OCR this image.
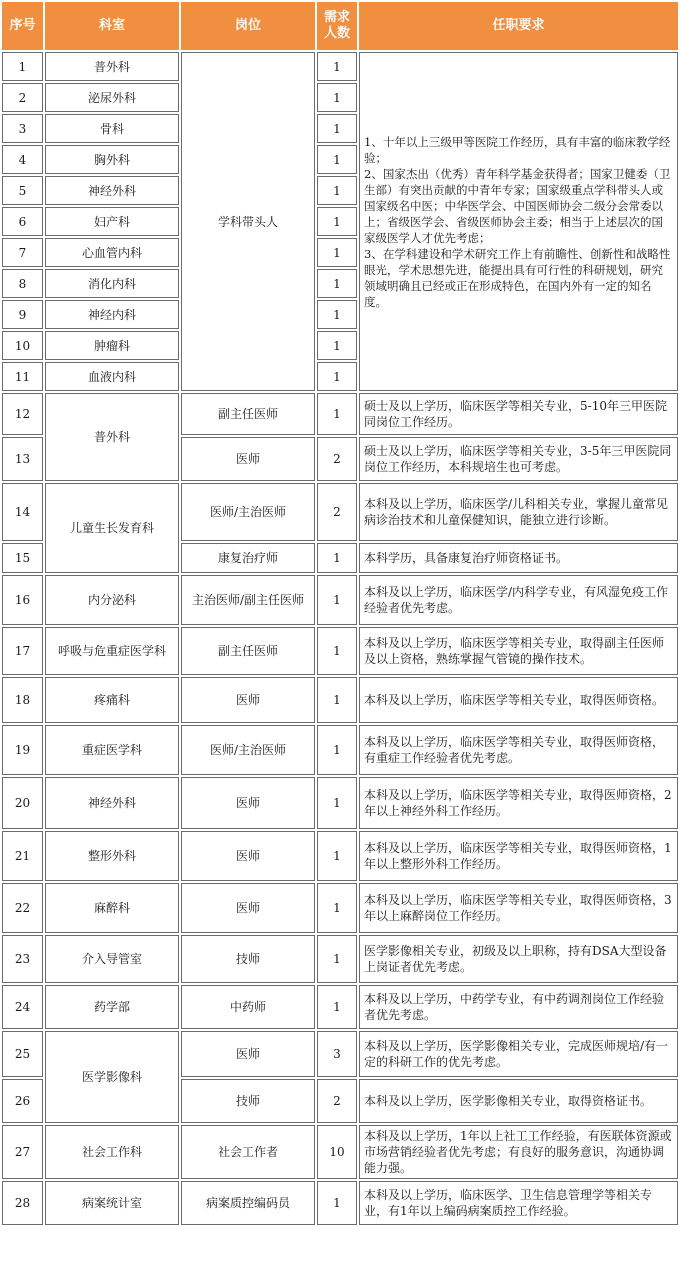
序号	科室	岗位	需求人数	任职要求
1	普外科	学科带头人	1	1、十年以上三级甲等医院工作经历，具有丰富的临床教学经验；
2、国家杰出（优秀）青年科学基金获得者；国家卫健委（卫生部）有突出贡献的中青年专家；国家级重点学科带头人或国家级名中医；中华医学会、中国医师协会二级分会常委以上；省级医学会、省级医师协会主委；相当于上述层次的国家级医学人才优先考虑；
3、在学科建设和学术研究工作上有前瞻性、创新性和战略性眼光，学术思想先进，能提出具有可行性的科研规划，研究领域明确且已经或正在形成特色，在国内外有一定的知名度。
2	泌尿外科		1	
3	骨科		1	
4	胸外科		1	
5	神经外科		1	
6	妇产科		1	
7	心血管内科		1	
8	消化内科		1	
9	神经内科		1	
10	肿瘤科		1	
11	血液内科		1	
12	普外科	副主任医师	1	硕士及以上学历，临床医学等相关专业，5-10年三甲医院同岗位工作经历。
13		医师	2	硕士及以上学历，临床医学等相关专业，3-5年三甲医院同岗位工作经历，本科规培生也可考虑。
14	儿童生长发育科	医师/主治医师	2	本科及以上学历，临床医学/儿科相关专业，掌握儿童常见病诊治技术和儿童保健知识，能独立进行诊断。
15		康复治疗师	1	本科学历，具备康复治疗师资格证书。
16	内分泌科	主治医师/副主任医师	1	本科及以上学历，临床医学/内科学专业，有风湿免疫工作经验者优先考虑。
17	呼吸与危重症医学科	副主任医师	1	本科及以上学历，临床医学等相关专业，取得副主任医师及以上资格，熟练掌握气管镜的操作技术。
18	疼痛科	医师	1	本科及以上学历，临床医学等相关专业，取得医师资格。
19	重症医学科	医师/主治医师	1	本科及以上学历，临床医学等相关专业，取得医师资格，有重症工作经验者优先考虑。
20	神经外科	医师	1	本科及以上学历，临床医学等相关专业，取得医师资格，2年以上神经外科工作经历。
21	整形外科	医师	1	本科及以上学历，临床医学等相关专业，取得医师资格，1年以上整形外科工作经历。
22	麻醉科	医师	1	本科及以上学历，临床医学等相关专业，取得医师资格，3年以上麻醉岗位工作经历。
23	介入导管室	技师	1	医学影像相关专业，初级及以上职称，持有DSA大型设备上岗证者优先考虑。
24	药学部	中药师	1	本科及以上学历，中药学专业，有中药调剂岗位工作经验者优先考虑。
25	医学影像科	医师	3	本科及以上学历，医学影像相关专业，完成医师规培/有一定的科研工作的优先考虑。
26		技师	2	本科及以上学历，医学影像相关专业，取得资格证书。
27	社会工作科	社会工作者	10	本科及以上学历，1年以上社工工作经验，有医联体资源或市场营销经验者优先考虑；有良好的服务意识，沟通协调能力强。
28	病案统计室	病案质控编码员	1	本科及以上学历，临床医学、卫生信息管理学等相关专业，有1年以上编码病案质控工作经验。
